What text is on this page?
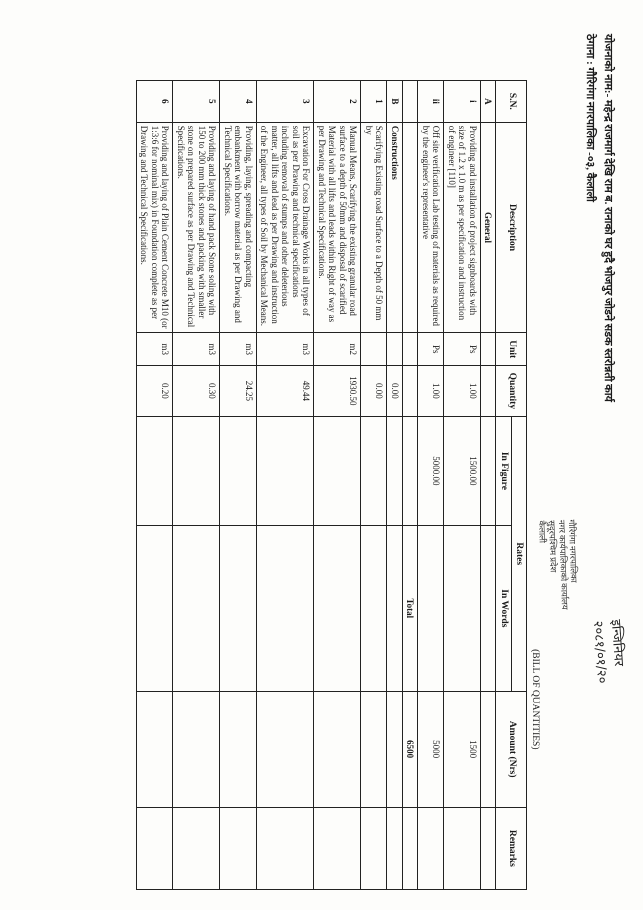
योजनाको नाम:- महेन्द्र राजमार्ग देखि राम ब. रानाको घर हुदै भोजपुर जोडने सडक स्तरोन्नती कार्य
ठेगाना : गौरिगंगा नगरपालिका -०३, कैलाली
गौरिगंगा नगरपालिका
नगर कार्यपालिकाको कार्यालय
सुदूरपश्चिम प्रदेश
कैलाली
(BILL OF QUANTITIES)							
S.N.	Description	Unit	Quantity	Rates		Amount (Nrs)	Remarks
				In Figure	In Words		
A	General						
i	Providing and installation of project signboards with size of 1.2 x 1.0 m as per specification and instruction of engineer [110]	Ps	1.00	1500.00		1500	
ii	Off site verification Lab testing of materials as required by the engineer's representative	Ps	1.00	5000.00		5000	
					Total	6500	
B	Constructions		0.00				
1	Scarifying Existing road Surface to a Depth of 50 mm by		0.00				
2	Manual Means, Scarifying the existing granular road surface to a depth of 50mm and disposal of scarified Material with all lifts and leads within Right of way as per Drawing and Technical Specifications.	m2	1930.50				
3	Excavation For Cross Drainage Works in all types of soil as per Drawing and technical specifications including removal of stumps and other deleterious matter, all lifts and lead as per Drawing and instruction of the Engineer, all types of Soil by Mechanical Means.	m3	49.44				
4	Providing, laying, spreading and compacting embankment with borrow material as per Drawing and Technical Specifications.	m3	24.25				
5	Providing and laying of hand pack Stone soling with 150 to 200 mm thick stones and packing with smaller stone on prepared surface as per Drawing and Technical Specifications.	m3	0.30				
6	Providing and laying of Plain Cement Concrete M10 (or 1:3:6 for nominal mix) in Foundation complete as per Drawing and Technical Specifications.	m3	0.20				
इन्जिनियर
२०८१/०१/२०
